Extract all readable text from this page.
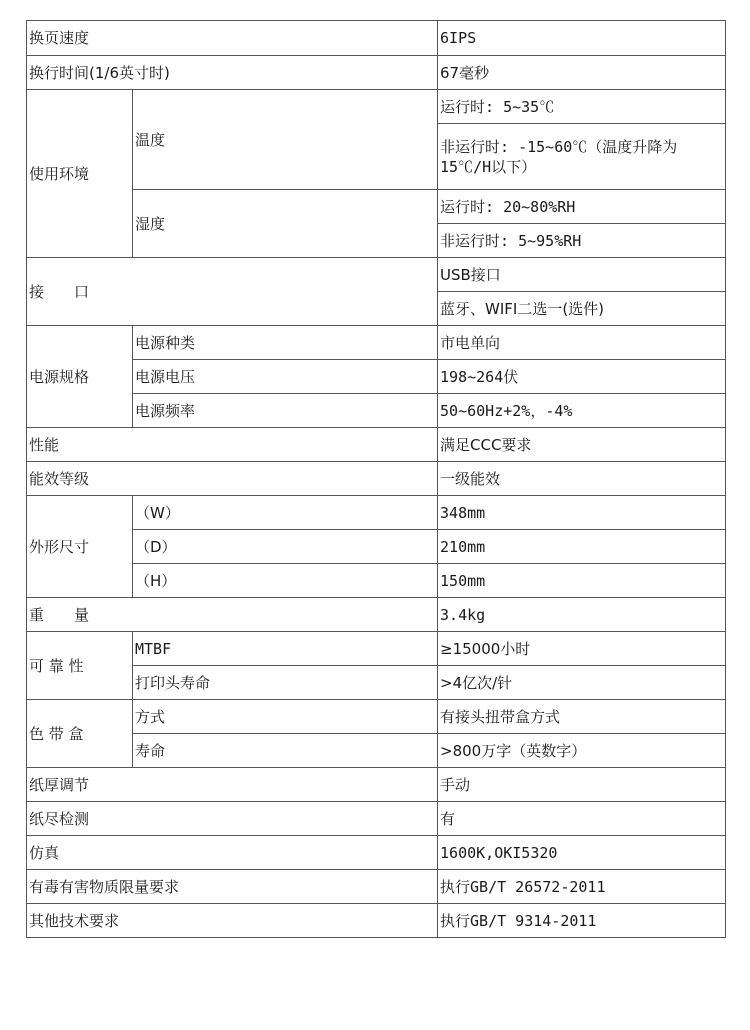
换页速度		6IPS
换行时间(1/6英寸时)		67毫秒
使用环境	温度	运行时: 5~35℃
		非运行时: -15~60℃（温度升降为15℃/H以下）
	湿度	运行时: 20~80%RH
		非运行时: 5~95%RH
接　　口		USB接口
		蓝牙、WIFI二选一(选件)
电源规格	电源种类	市电单向
	电源电压	198~264伏
	电源频率	50~60Hz+2%，-4%
性能		满足CCC要求
能效等级		一级能效
外形尺寸	（W）	348mm
	（D）	210mm
	（H）	150mm
重　　量		3.4kg
可 靠 性	MTBF	≥15000小时
	打印头寿命	>4亿次/针
色 带 盒	方式	有接头扭带盒方式
	寿命	>800万字（英数字）
纸厚调节		手动
纸尽检测		有
仿真		1600K,OKI5320
有毒有害物质限量要求		执行GB/T 26572-2011
其他技术要求		执行GB/T 9314-2011
